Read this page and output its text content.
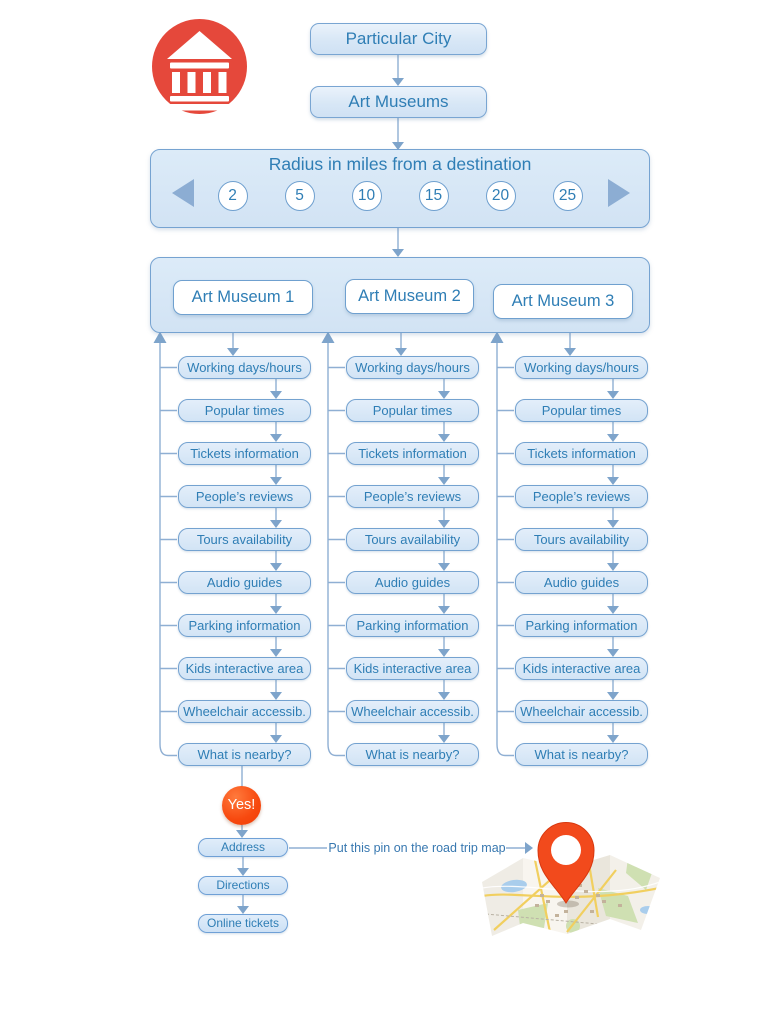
Particular City
Art Museums
Radius in miles from a destination
2	5	10	15	20	25
Art Museum 1	Art Museum 2	Art Museum 3
Working days/hours
Popular times
Tickets information
People’s reviews
Tours availability
Audio guides
Parking information
Kids interactive area
Wheelchair accessib.
What is nearby?
Working days/hours
Popular times
Tickets information
People’s reviews
Tours availability
Audio guides
Parking information
Kids interactive area
Wheelchair accessib.
What is nearby?
Working days/hours
Popular times
Tickets information
People’s reviews
Tours availability
Audio guides
Parking information
Kids interactive area
Wheelchair accessib.
What is nearby?
Yes!
Address
Directions
Online tickets
Put this pin on the road trip map
